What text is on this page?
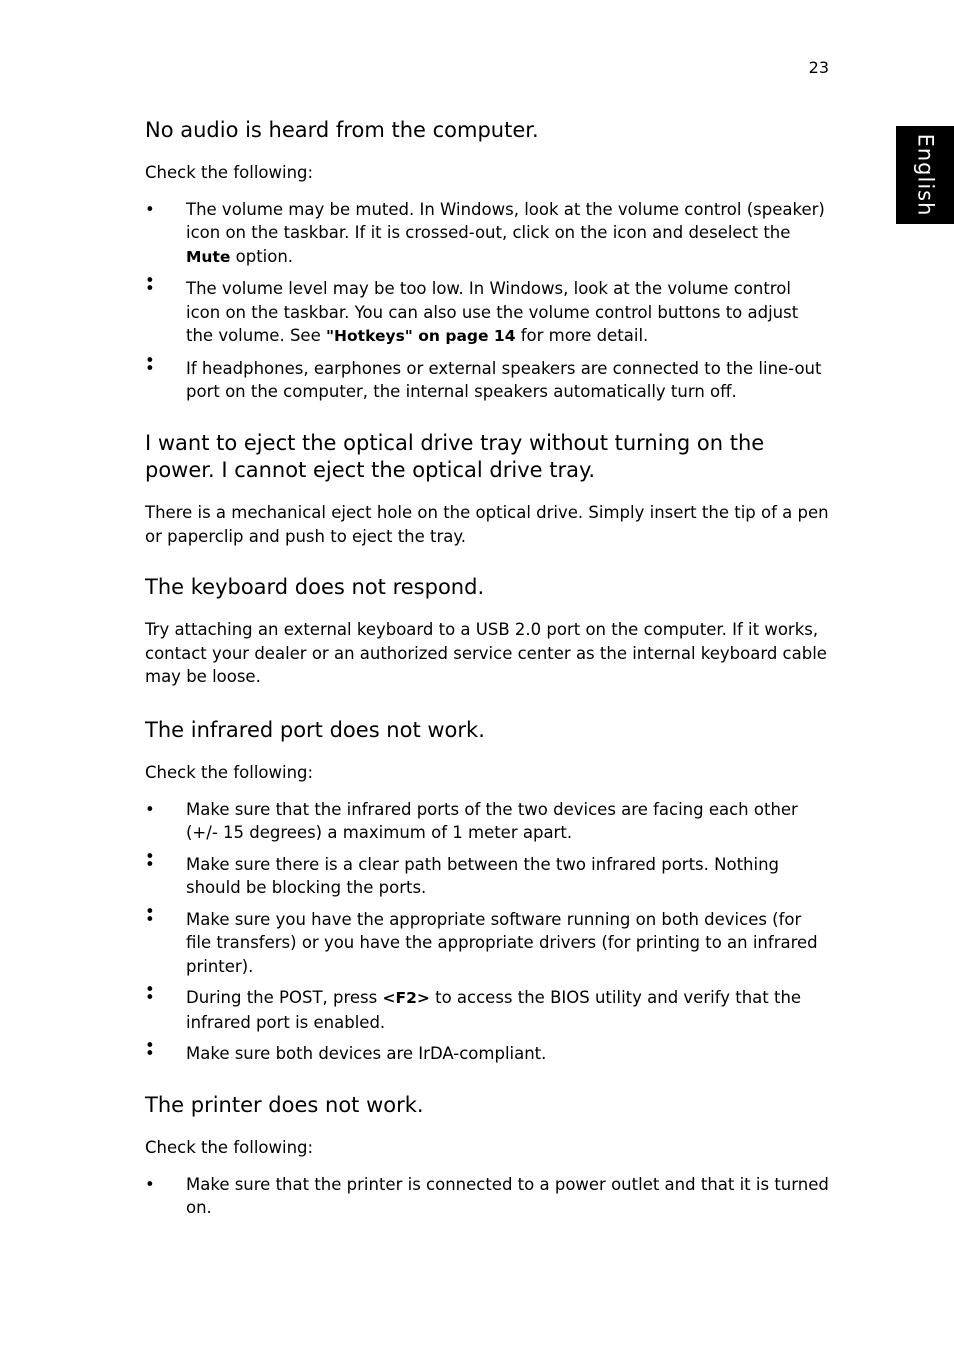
23
English
No audio is heard from the computer.

Check the following:

• The volume may be muted. In Windows, look at the volume control (speaker) icon on the taskbar. If it is crossed-out, click on the icon and deselect the Mute option.
•
• The volume level may be too low. In Windows, look at the volume control icon on the taskbar. You can also use the volume control buttons to adjust the volume. See "Hotkeys" on page 14 for more detail.
•
• If headphones, earphones or external speakers are connected to the line-out port on the computer, the internal speakers automatically turn off.
I want to eject the optical drive tray without turning on the power. I cannot eject the optical drive tray.

There is a mechanical eject hole on the optical drive. Simply insert the tip of a pen or paperclip and push to eject the tray.

The keyboard does not respond.

Try attaching an external keyboard to a USB 2.0 port on the computer. If it works, contact your dealer or an authorized service center as the internal keyboard cable may be loose.

The infrared port does not work.

Check the following:

• Make sure that the infrared ports of the two devices are facing each other (+/- 15 degrees) a maximum of 1 meter apart.
•
• Make sure there is a clear path between the two infrared ports. Nothing should be blocking the ports.
•
• Make sure you have the appropriate software running on both devices (for file transfers) or you have the appropriate drivers (for printing to an infrared printer).
•
• During the POST, press <F2> to access the BIOS utility and verify that the infrared port is enabled.
•
• Make sure both devices are IrDA-compliant.
The printer does not work.

Check the following:

• Make sure that the printer is connected to a power outlet and that it is turned on.
